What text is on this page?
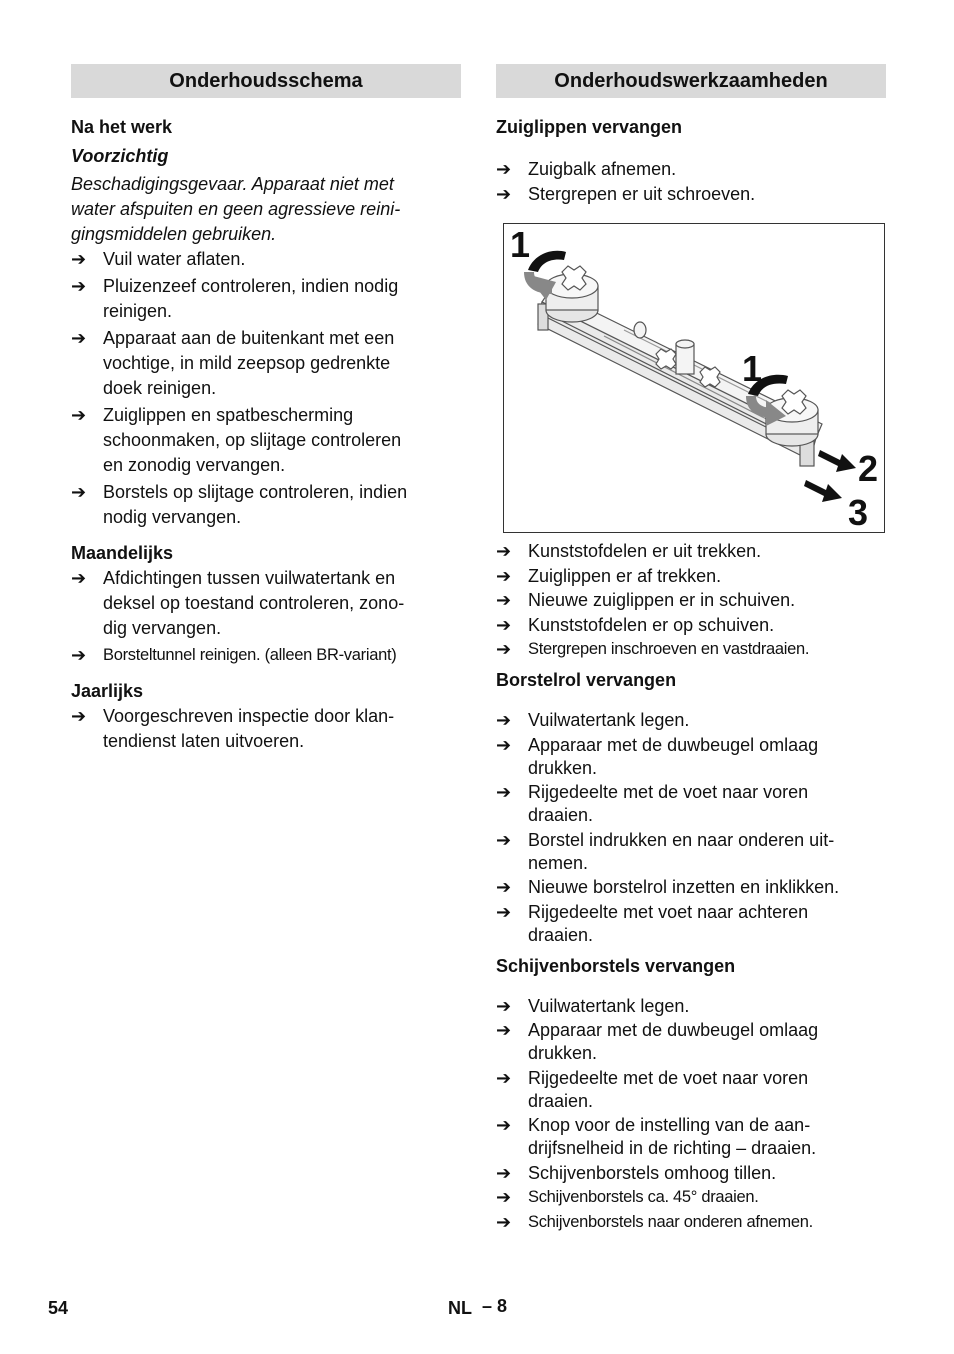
Onderhoudsschema

Na het werk

Voorzichtig

Beschadigingsgevaar. Apparaat niet met

water afspuiten en geen agressieve reini-

gingsmiddelen gebruiken.

➔ Vuil water aflaten.
➔ Pluizenzeef controleren, indien nodig
reinigen.
➔ Apparaat aan de buitenkant met een
vochtige, in mild zeepsop gedrenkte
doek reinigen.
➔ Zuiglippen en spatbescherming
schoonmaken, op slijtage controleren
en zonodig vervangen.
➔ Borstels op slijtage controleren, indien
nodig vervangen.

Maandelijks

➔ Afdichtingen tussen vuilwatertank en
deksel op toestand controleren, zono-
dig vervangen.
➔ Borsteltunnel reinigen. (alleen BR-variant)

Jaarlijks

➔ Voorgeschreven inspectie door klan-
tendienst laten uitvoeren.
Onderhoudswerkzaamheden

Zuiglippen vervangen

➔ Zuigbalk afnemen.
➔ Stergrepen er uit schroeven.
➔ Kunststofdelen er uit trekken.
➔ Zuiglippen er af trekken.
➔ Nieuwe zuiglippen er in schuiven.
➔ Kunststofdelen er op schuiven.
➔ Stergrepen inschroeven en vastdraaien.

Borstelrol vervangen

➔ Vuilwatertank legen.
➔ Apparaar met de duwbeugel omlaag
drukken.
➔ Rijgedeelte met de voet naar voren
draaien.
➔ Borstel indrukken en naar onderen uit-
nemen.
➔ Nieuwe borstelrol inzetten en inklikken.
➔ Rijgedeelte met voet naar achteren
draaien.

Schijvenborstels vervangen

➔ Vuilwatertank legen.
➔ Apparaar met de duwbeugel omlaag
drukken.
➔ Rijgedeelte met de voet naar voren
draaien.
➔ Knop voor de instelling van de aan-
drijfsnelheid in de richting – draaien.
➔ Schijvenborstels omhoog tillen.
➔ Schijvenborstels ca. 45° draaien.
➔ Schijvenborstels naar onderen afnemen.
1
1
2
3
54	NL – 8
